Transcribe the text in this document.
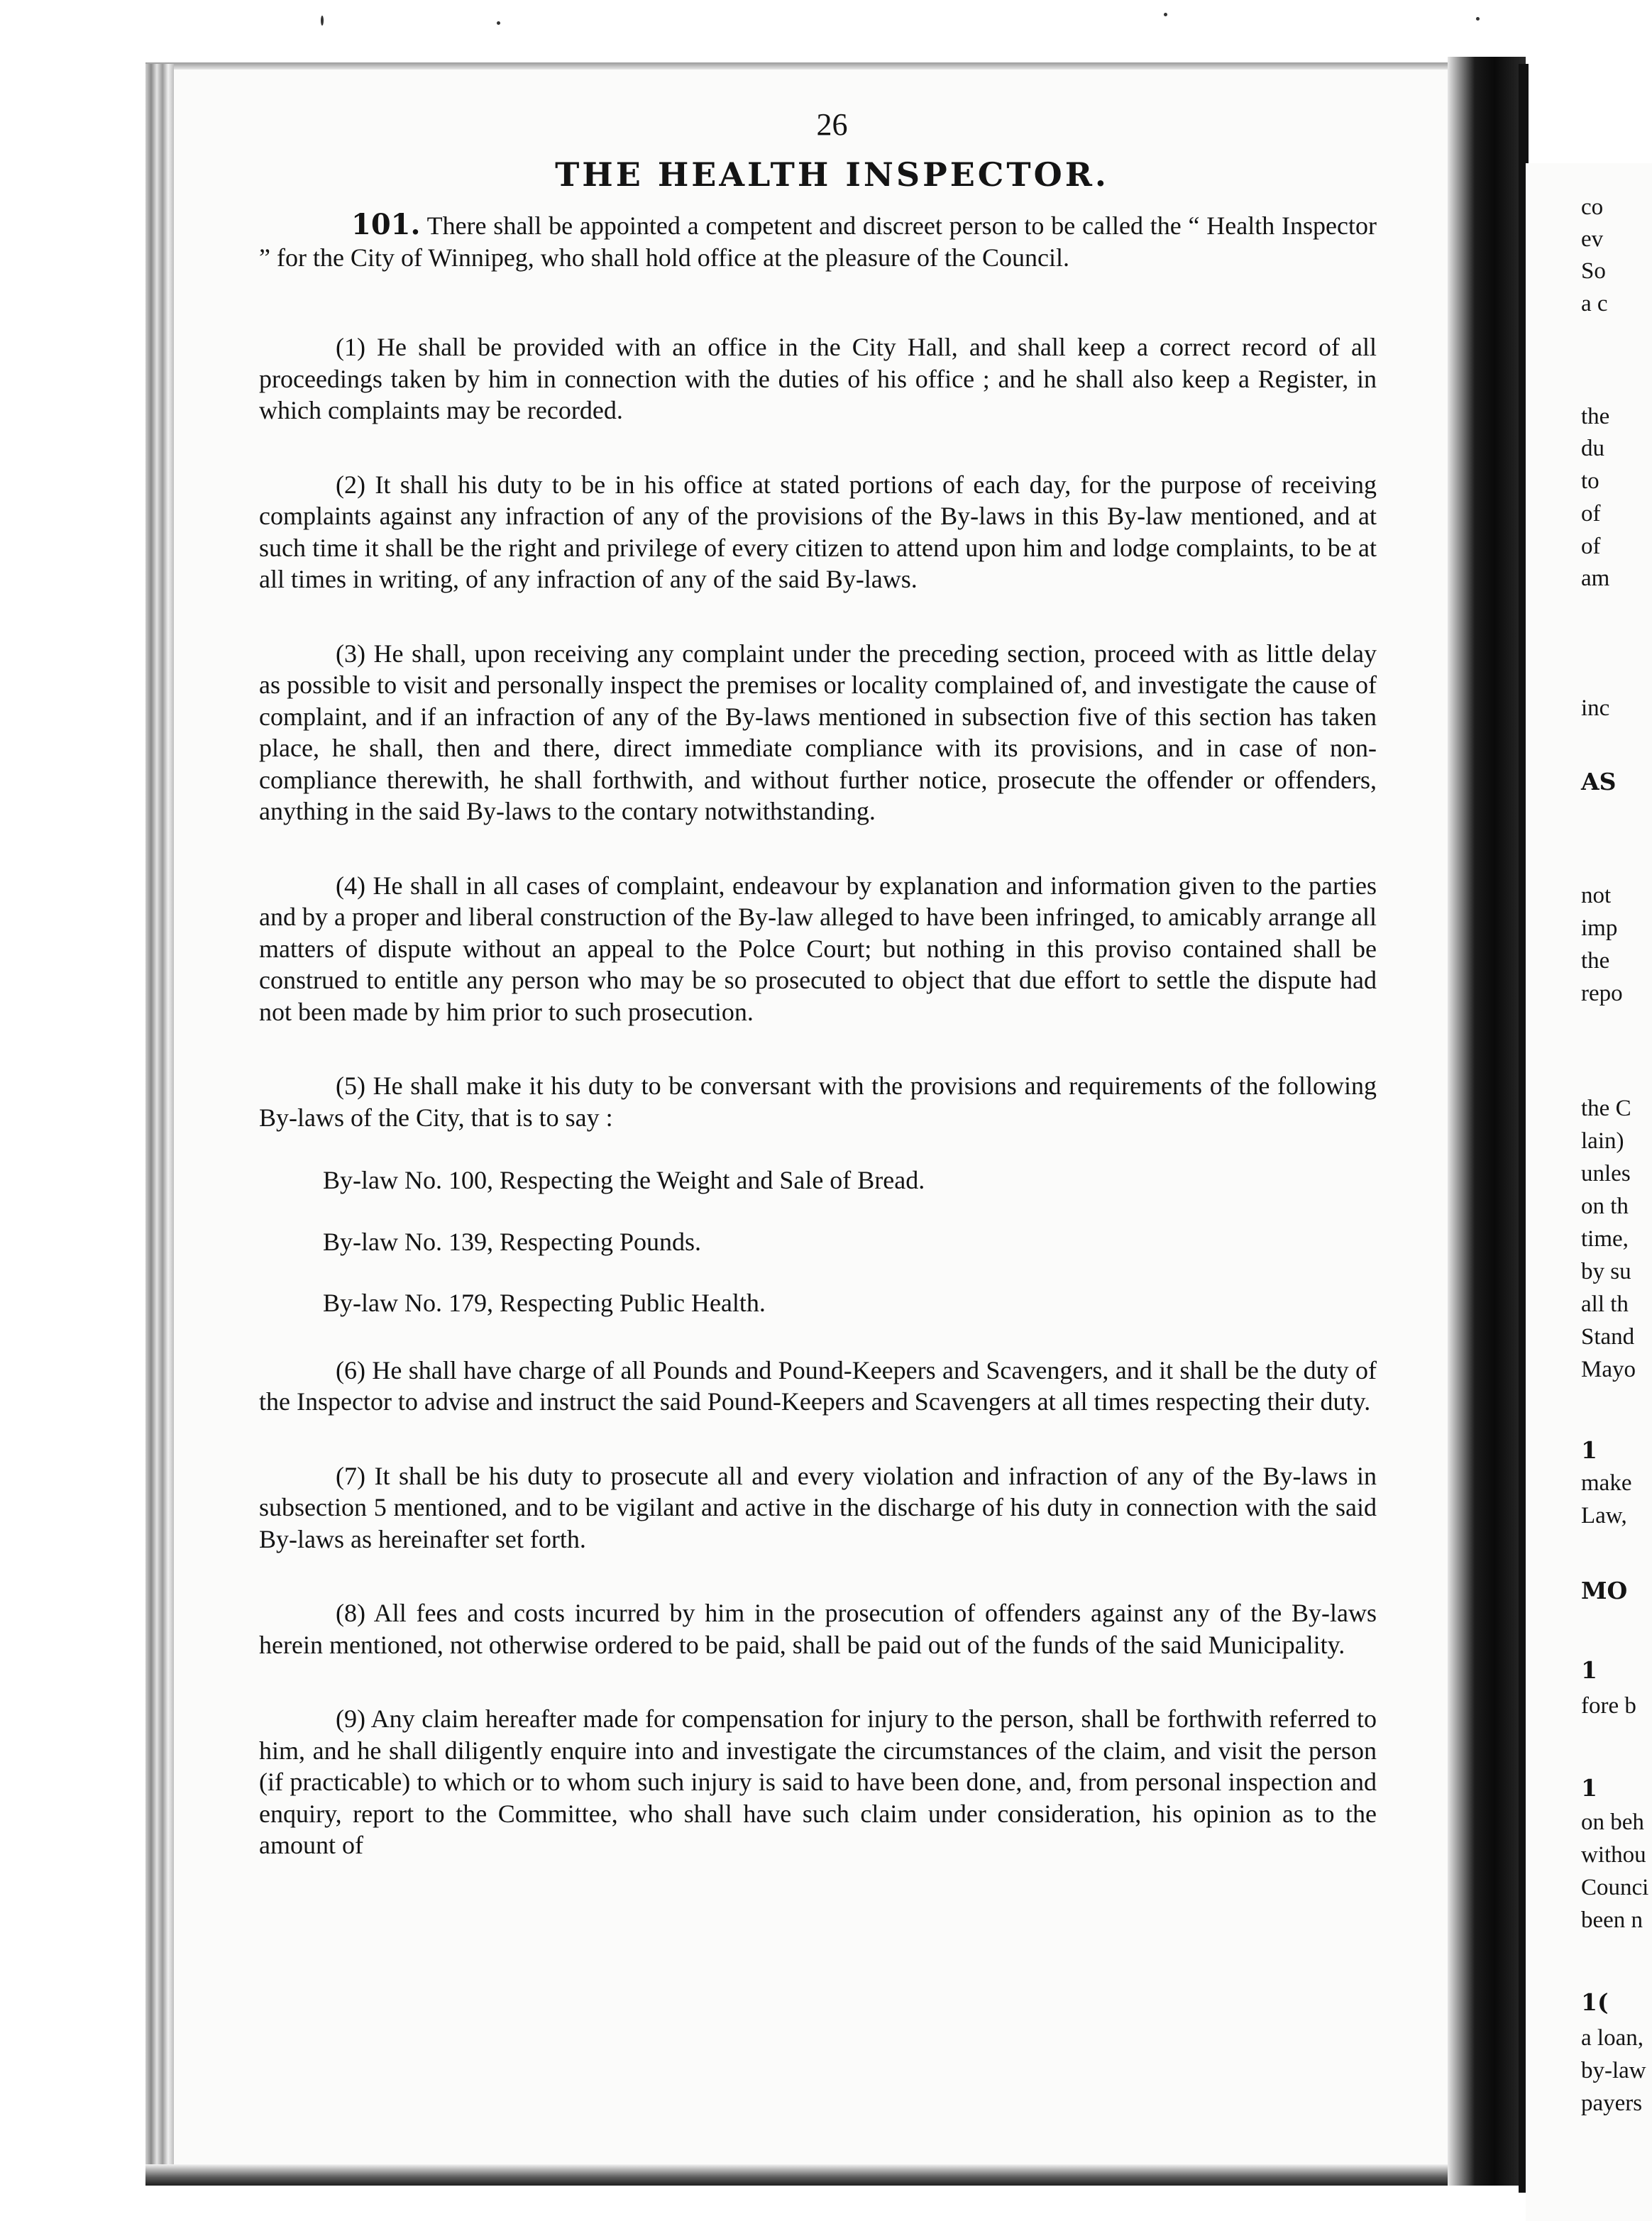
26
THE HEALTH INSPECTOR.

101. There shall be appointed a competent and discreet person to be called the “ Health Inspector ” for the City of Winnipeg, who shall hold office at the pleasure of the Council.

(1) He shall be provided with an office in the City Hall, and shall keep a correct record of all proceedings taken by him in connection with the duties of his office ; and he shall also keep a Register, in which complaints may be recorded.

(2) It shall his duty to be in his office at stated portions of each day, for the purpose of receiving complaints against any infraction of any of the provisions of the By-laws in this By-law mentioned, and at such time it shall be the right and privilege of every citizen to attend upon him and lodge complaints, to be at all times in writing, of any infraction of any of the said By-laws.

(3) He shall, upon receiving any complaint under the preceding section, proceed with as little delay as possible to visit and personally inspect the premises or locality complained of, and investigate the cause of complaint, and if an infraction of any of the By-laws mentioned in subsection five of this section has taken place, he shall, then and there, direct immediate compliance with its provisions, and in case of non-compliance therewith, he shall forthwith, and without further notice, prosecute the offender or offenders, anything in the said By-laws to the contary notwithstanding.

(4) He shall in all cases of complaint, endeavour by explanation and information given to the parties and by a proper and liberal construction of the By-law alleged to have been infringed, to amicably arrange all matters of dispute without an appeal to the Polce Court; but nothing in this proviso contained shall be construed to entitle any person who may be so prosecuted to object that due effort to settle the dispute had not been made by him prior to such prosecution.

(5) He shall make it his duty to be conversant with the provisions and requirements of the following By-laws of the City, that is to say :

By-law No. 100, Respecting the Weight and Sale of Bread.

By-law No. 139, Respecting Pounds.

By-law No. 179, Respecting Public Health.

(6) He shall have charge of all Pounds and Pound-Keepers and Scavengers, and it shall be the duty of the Inspector to advise and instruct the said Pound-Keepers and Scavengers at all times respecting their duty.

(7) It shall be his duty to prosecute all and every violation and infraction of any of the By-laws in subsection 5 mentioned, and to be vigilant and active in the discharge of his duty in connection with the said By-laws as hereinafter set forth.

(8) All fees and costs incurred by him in the prosecution of offenders against any of the By-laws herein mentioned, not otherwise ordered to be paid, shall be paid out of the funds of the said Municipality.

(9) Any claim hereafter made for compensation for injury to the person, shall be forthwith referred to him, and he shall diligently enquire into and investigate the circumstances of the claim, and visit the person (if practicable) to which or to whom such injury is said to have been done, and, from personal inspection and enquiry, report to the Committee, who shall have such claim under consideration, his opinion as to the amount of

co
ev
So
a c
the
du
to
of
of
am
inc
AS
not
imp
the
repo
the C
lain)
unles
on th
time,
by su
all th
Stand
Mayo
1
make
Law,
MO
1
fore b
1
on beh
withou
Counci
been n
1(
a loan,
by-law
payers
